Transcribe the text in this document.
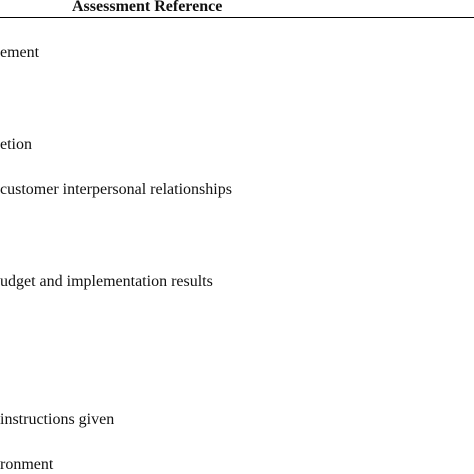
Assessment Reference
ement
etion
customer interpersonal relationships
udget and implementation results
instructions given
ronment
